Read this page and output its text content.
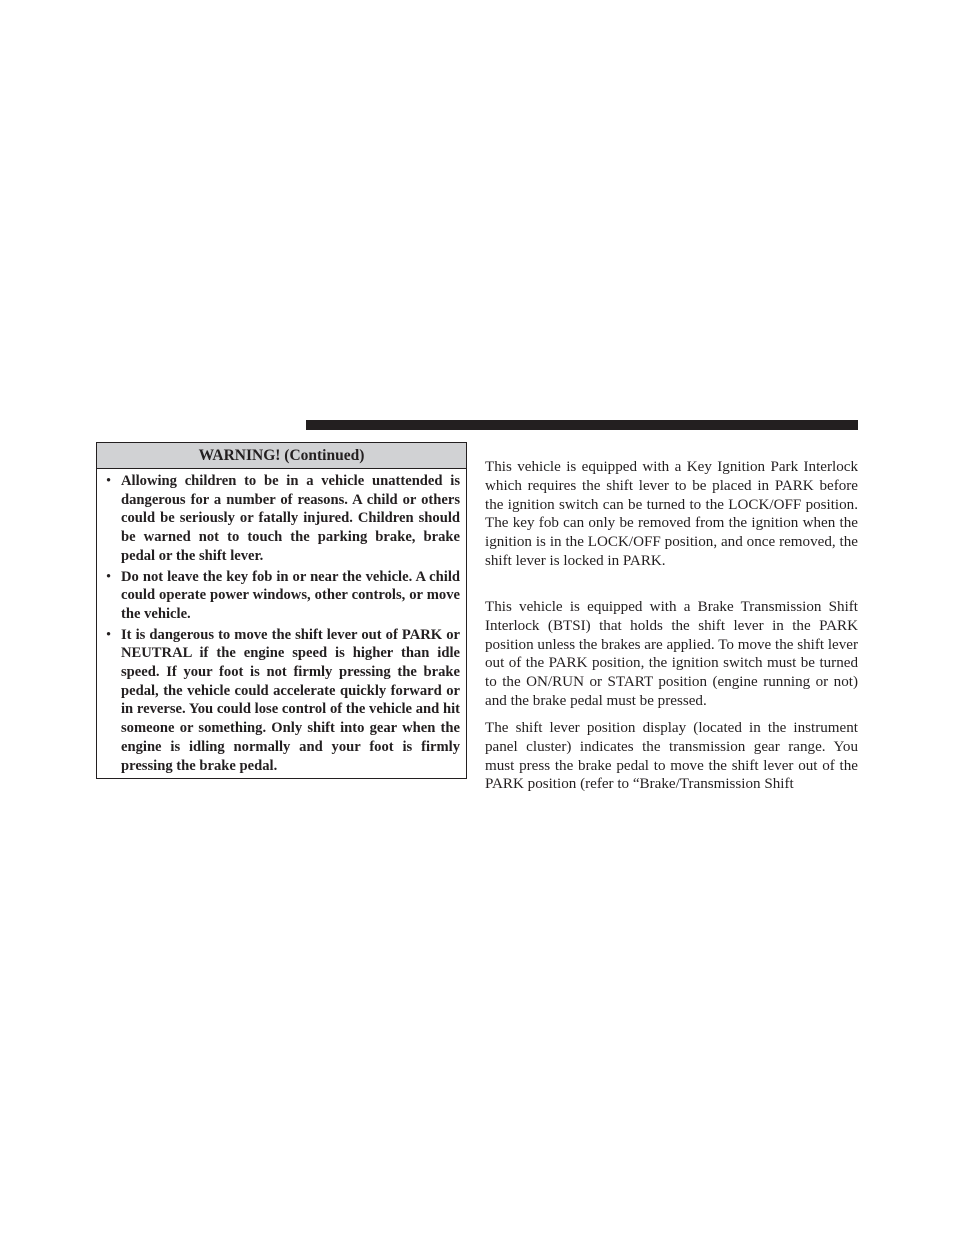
WARNING! (Continued)
• Allowing children to be in a vehicle unattended is dangerous for a number of reasons. A child or others could be seriously or fatally injured. Children should be warned not to touch the parking brake, brake pedal or the shift lever.
• Do not leave the key fob in or near the vehicle. A child could operate power windows, other controls, or move the vehicle.
• It is dangerous to move the shift lever out of PARK or NEUTRAL if the engine speed is higher than idle speed. If your foot is not firmly pressing the brake pedal, the vehicle could accelerate quickly forward or in reverse. You could lose control of the vehicle and hit someone or something. Only shift into gear when the engine is idling normally and your foot is firmly pressing the brake pedal.

This vehicle is equipped with a Key Ignition Park Interlock which requires the shift lever to be placed in PARK before the ignition switch can be turned to the LOCK/OFF position. The key fob can only be removed from the ignition when the ignition is in the LOCK/OFF position, and once removed, the shift lever is locked in PARK.

This vehicle is equipped with a Brake Transmission Shift Interlock (BTSI) that holds the shift lever in the PARK position unless the brakes are applied. To move the shift lever out of the PARK position, the ignition switch must be turned to the ON/RUN or START position (engine running or not) and the brake pedal must be pressed.

The shift lever position display (located in the instrument panel cluster) indicates the transmission gear range. You must press the brake pedal to move the shift lever out of the PARK position (refer to “Brake/Transmission Shift
